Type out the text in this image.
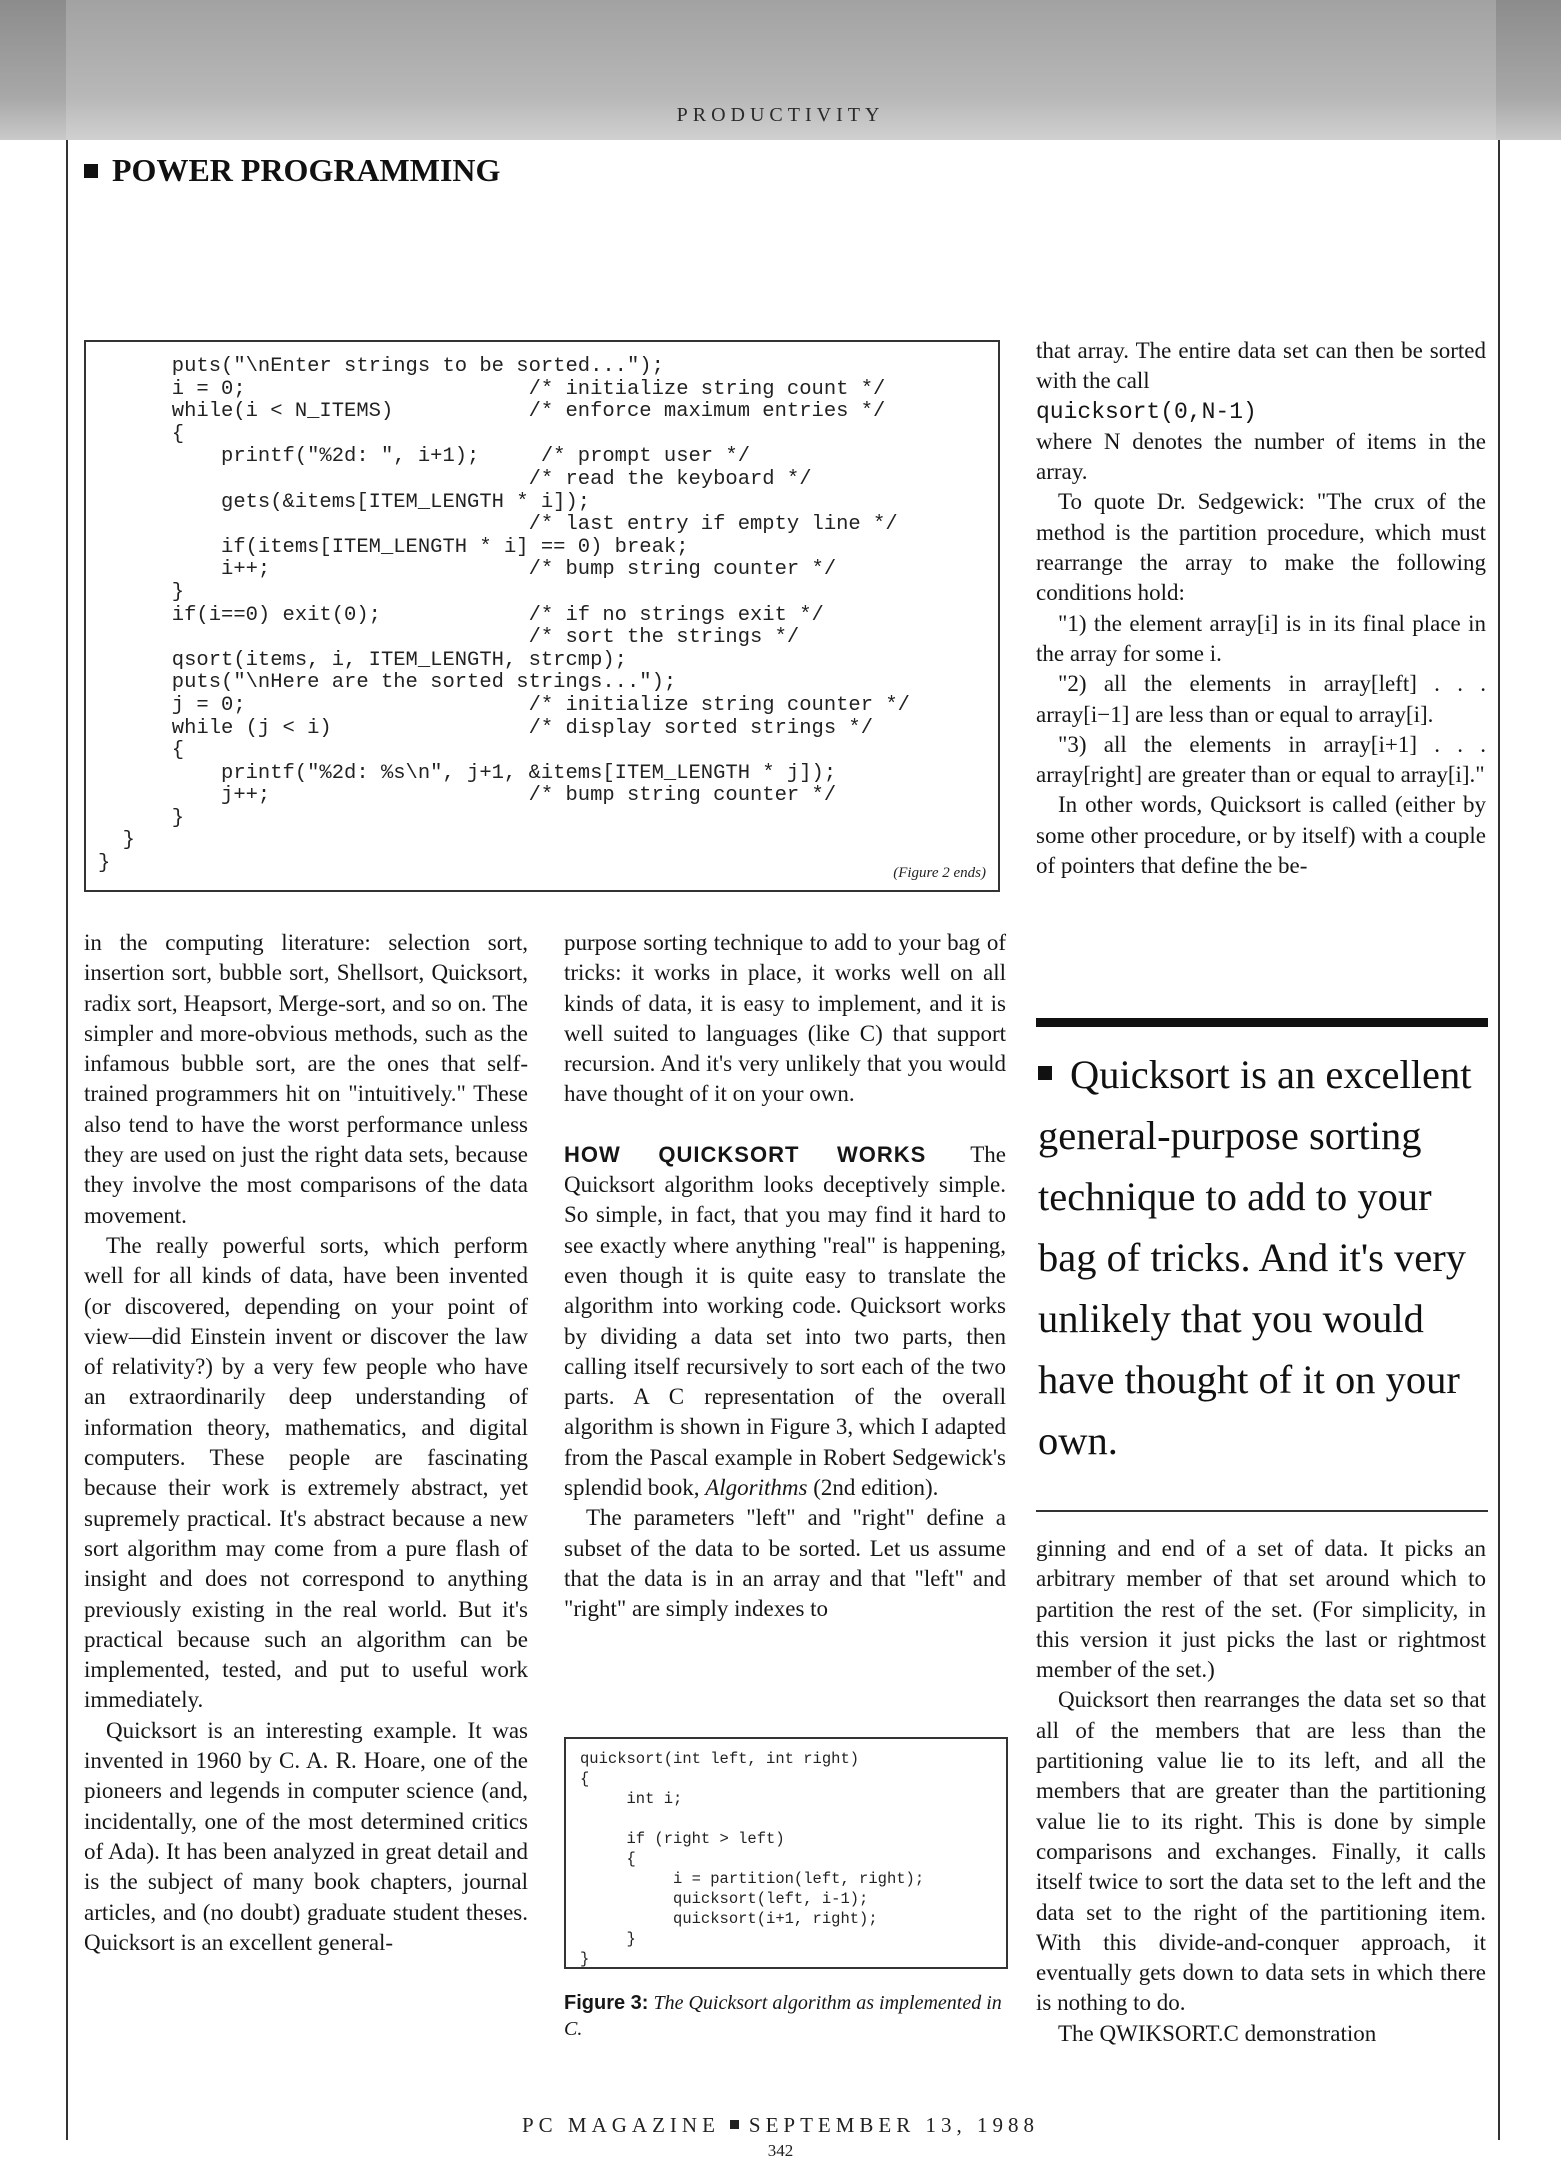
PRODUCTIVITY
POWER PROGRAMMING
puts("\nEnter strings to be sorted...");
i = 0;                       /* initialize string count */
while(i < N_ITEMS)           /* enforce maximum entries */
{
printf("%2d: ", i+1);     /* prompt user */
/* read the keyboard */
gets(&items[ITEM_LENGTH * i]);
/* last entry if empty line */
if(items[ITEM_LENGTH * i] == 0) break;
i++;                     /* bump string counter */
}
if(i==0) exit(0);            /* if no strings exit */
/* sort the strings */
qsort(items, i, ITEM_LENGTH, strcmp);
puts("\nHere are the sorted strings...");
j = 0;                       /* initialize string counter */
while (j < i)                /* display sorted strings */
{
printf("%2d: %s\n", j+1, &items[ITEM_LENGTH * j]);
j++;                     /* bump string counter */
}
}
}	(Figure 2 ends)

in the computing literature: selection sort, insertion sort, bubble sort, Shellsort, Quicksort, radix sort, Heapsort, Merge-sort, and so on. The simpler and more-obvious methods, such as the infamous bubble sort, are the ones that self-trained programmers hit on "intuitively." These also tend to have the worst performance unless they are used on just the right data sets, because they involve the most comparisons of the data movement.

The really powerful sorts, which perform well for all kinds of data, have been invented (or discovered, depending on your point of view—did Einstein invent or discover the law of relativity?) by a very few people who have an extraordinarily deep understanding of information theory, mathematics, and digital computers. These people are fascinating because their work is extremely abstract, yet supremely practical. It's abstract because a new sort algorithm may come from a pure flash of insight and does not correspond to anything previously existing in the real world. But it's practical because such an algorithm can be implemented, tested, and put to useful work immediately.

Quicksort is an interesting example. It was invented in 1960 by C. A. R. Hoare, one of the pioneers and legends in computer science (and, incidentally, one of the most determined critics of Ada). It has been analyzed in great detail and is the subject of many book chapters, journal articles, and (no doubt) graduate student theses. Quicksort is an excellent general-

purpose sorting technique to add to your bag of tricks: it works in place, it works well on all kinds of data, it is easy to implement, and it is well suited to languages (like C) that support recursion. And it's very unlikely that you would have thought of it on your own.

HOW QUICKSORT WORKS The Quicksort algorithm looks deceptively simple. So simple, in fact, that you may find it hard to see exactly where anything "real" is happening, even though it is quite easy to translate the algorithm into working code. Quicksort works by dividing a data set into two parts, then calling itself recursively to sort each of the two parts. A C representation of the overall algorithm is shown in Figure 3, which I adapted from the Pascal example in Robert Sedgewick's splendid book, Algorithms (2nd edition).

The parameters "left" and "right" define a subset of the data to be sorted. Let us assume that the data is in an array and that "left" and "right" are simply indexes to

quicksort(int left, int right)
{
int i;

if (right > left)
{
i = partition(left, right);
quicksort(left, i-1);
quicksort(i+1, right);
}
}
Figure 3: The Quicksort algorithm as implemented in C.

that array. The entire data set can then be sorted with the call

quicksort(0,N-1)

where N denotes the number of items in the array.

To quote Dr. Sedgewick: "The crux of the method is the partition procedure, which must rearrange the array to make the following conditions hold:

"1) the element array[i] is in its final place in the array for some i.

"2) all the elements in array[left] . . . array[i−1] are less than or equal to array[i].

"3) all the elements in array[i+1] . . . array[right] are greater than or equal to array[i]."

In other words, Quicksort is called (either by some other procedure, or by itself) with a couple of pointers that define the be-

Quicksort is an excellent general-purpose sorting technique to add to your bag of tricks. And it's very unlikely that you would have thought of it on your own.

ginning and end of a set of data. It picks an arbitrary member of that set around which to partition the rest of the set. (For simplicity, in this version it just picks the last or rightmost member of the set.)

Quicksort then rearranges the data set so that all of the members that are less than the partitioning value lie to its left, and all the members that are greater than the partitioning value lie to its right. This is done by simple comparisons and exchanges. Finally, it calls itself twice to sort the data set to the left and the data set to the right of the partitioning item. With this divide-and-conquer approach, it eventually gets down to data sets in which there is nothing to do.

The QWIKSORT.C demonstration

PC MAGAZINE SEPTEMBER 13, 1988
342
